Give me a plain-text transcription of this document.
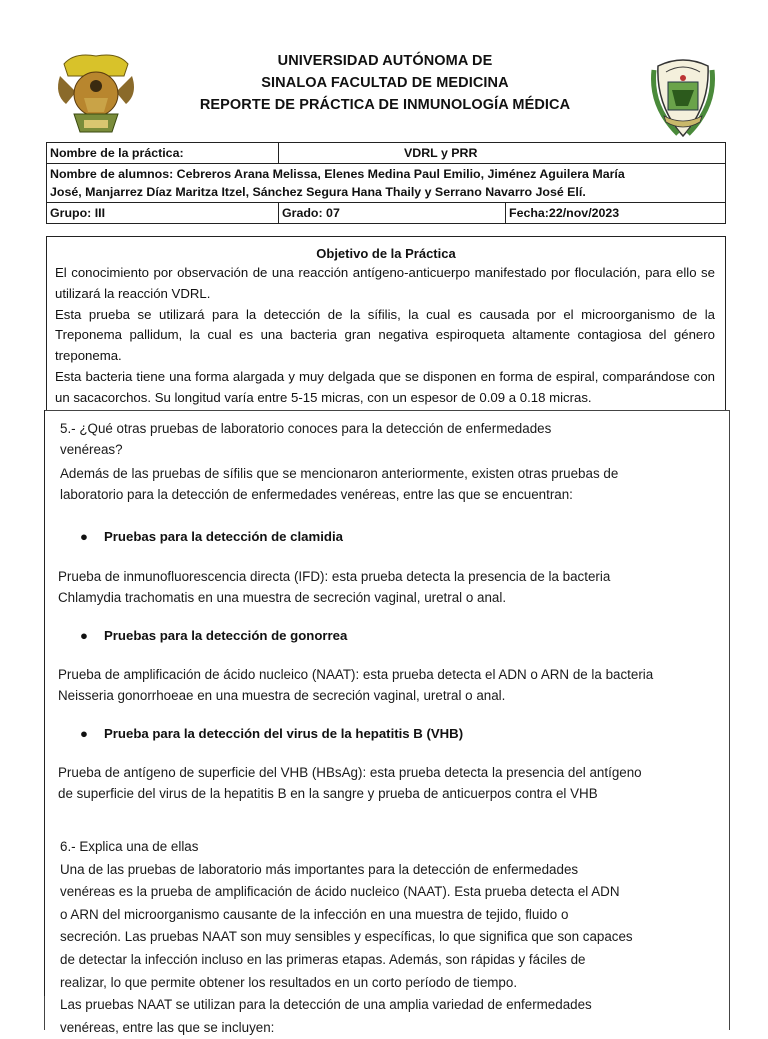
UNIVERSIDAD AUTÓNOMA DE
SINALOA FACULTAD DE MEDICINA
REPORTE DE PRÁCTICA DE INMUNOLOGÍA MÉDICA
Nombre de la práctica:	VDRL y PRR	

Nombre de alumnos: Cebreros Arana Melissa, Elenes Medina Paul Emilio, Jiménez Aguilera María
José, Manjarrez Díaz Maritza Itzel, Sánchez Segura Hana Thaily y Serrano Navarro José Elí.		

Grupo: III	Grado: 07	Fecha:22/nov/2023
Objetivo de la Práctica

El conocimiento por observación de una reacción antígeno-anticuerpo manifestado por floculación, para ello se utilizará la reacción VDRL.

Esta prueba se utilizará para la detección de la sífilis, la cual es causada por el microorganismo de la Treponema pallidum, la cual es una bacteria gran negativa espiroqueta altamente contagiosa del género treponema.

Esta bacteria tiene una forma alargada y muy delgada que se disponen en forma de espiral, comparándose con un sacacorchos. Su longitud varía entre 5-15 micras, con un espesor de 0.09 a 0.18 micras.

5.- ¿Qué otras pruebas de laboratorio conoces para la detección de enfermedades
venéreas?
Además de las pruebas de sífilis que se mencionaron anteriormente, existen otras pruebas de
laboratorio para la detección de enfermedades venéreas, entre las que se encuentran:
● Pruebas para la detección de clamidia
Prueba de inmunofluorescencia directa (IFD): esta prueba detecta la presencia de la bacteria
Chlamydia trachomatis en una muestra de secreción vaginal, uretral o anal.
● Pruebas para la detección de gonorrea
Prueba de amplificación de ácido nucleico (NAAT): esta prueba detecta el ADN o ARN de la bacteria
Neisseria gonorrhoeae en una muestra de secreción vaginal, uretral o anal.
● Prueba para la detección del virus de la hepatitis B (VHB)
Prueba de antígeno de superficie del VHB (HBsAg): esta prueba detecta la presencia del antígeno
de superficie del virus de la hepatitis B en la sangre y prueba de anticuerpos contra el VHB
6.- Explica una de ellas
Una de las pruebas de laboratorio más importantes para la detección de enfermedades
venéreas es la prueba de amplificación de ácido nucleico (NAAT). Esta prueba detecta el ADN
o ARN del microorganismo causante de la infección en una muestra de tejido, fluido o
secreción. Las pruebas NAAT son muy sensibles y específicas, lo que significa que son capaces
de detectar la infección incluso en las primeras etapas. Además, son rápidas y fáciles de
realizar, lo que permite obtener los resultados en un corto período de tiempo.
Las pruebas NAAT se utilizan para la detección de una amplia variedad de enfermedades
venéreas, entre las que se incluyen:
